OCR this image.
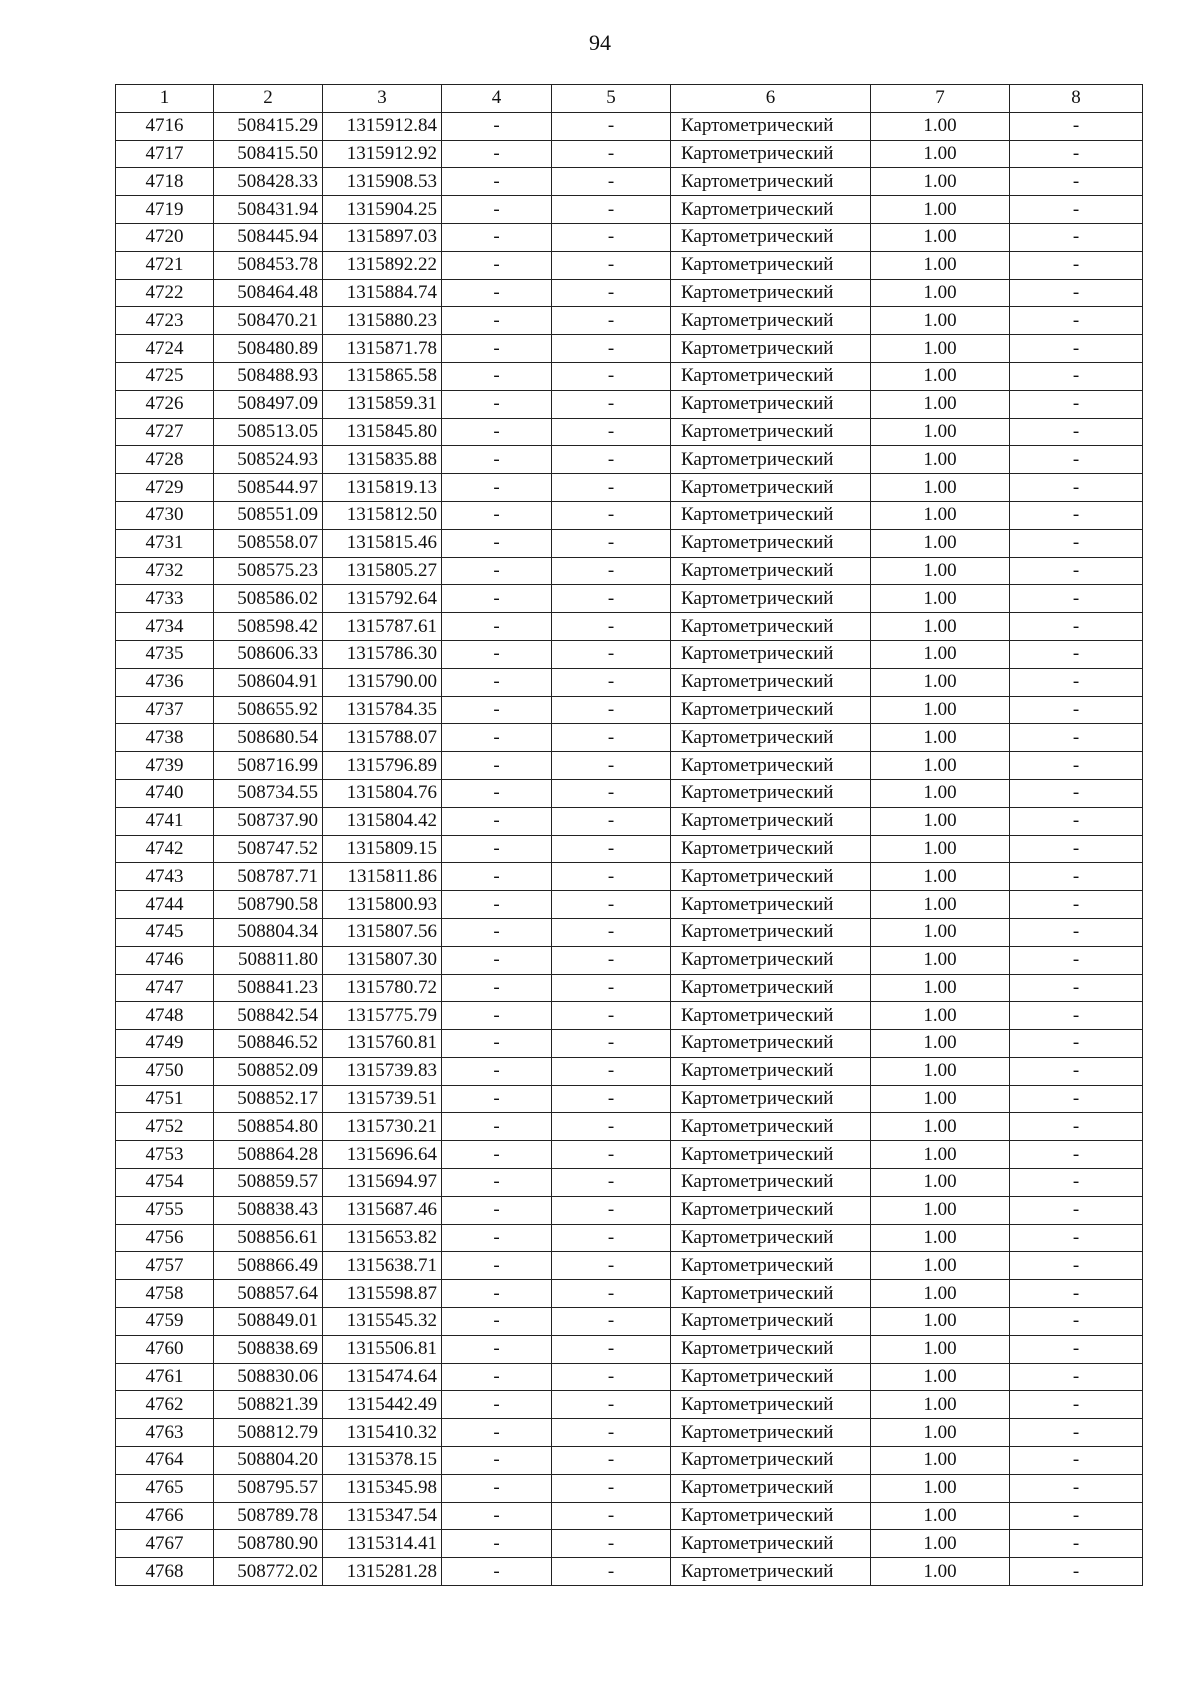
94
1	2	3	4	5	6	7	8
4716	508415.29	1315912.84	-	-	Картометрический	1.00	-
4717	508415.50	1315912.92	-	-	Картометрический	1.00	-
4718	508428.33	1315908.53	-	-	Картометрический	1.00	-
4719	508431.94	1315904.25	-	-	Картометрический	1.00	-
4720	508445.94	1315897.03	-	-	Картометрический	1.00	-
4721	508453.78	1315892.22	-	-	Картометрический	1.00	-
4722	508464.48	1315884.74	-	-	Картометрический	1.00	-
4723	508470.21	1315880.23	-	-	Картометрический	1.00	-
4724	508480.89	1315871.78	-	-	Картометрический	1.00	-
4725	508488.93	1315865.58	-	-	Картометрический	1.00	-
4726	508497.09	1315859.31	-	-	Картометрический	1.00	-
4727	508513.05	1315845.80	-	-	Картометрический	1.00	-
4728	508524.93	1315835.88	-	-	Картометрический	1.00	-
4729	508544.97	1315819.13	-	-	Картометрический	1.00	-
4730	508551.09	1315812.50	-	-	Картометрический	1.00	-
4731	508558.07	1315815.46	-	-	Картометрический	1.00	-
4732	508575.23	1315805.27	-	-	Картометрический	1.00	-
4733	508586.02	1315792.64	-	-	Картометрический	1.00	-
4734	508598.42	1315787.61	-	-	Картометрический	1.00	-
4735	508606.33	1315786.30	-	-	Картометрический	1.00	-
4736	508604.91	1315790.00	-	-	Картометрический	1.00	-
4737	508655.92	1315784.35	-	-	Картометрический	1.00	-
4738	508680.54	1315788.07	-	-	Картометрический	1.00	-
4739	508716.99	1315796.89	-	-	Картометрический	1.00	-
4740	508734.55	1315804.76	-	-	Картометрический	1.00	-
4741	508737.90	1315804.42	-	-	Картометрический	1.00	-
4742	508747.52	1315809.15	-	-	Картометрический	1.00	-
4743	508787.71	1315811.86	-	-	Картометрический	1.00	-
4744	508790.58	1315800.93	-	-	Картометрический	1.00	-
4745	508804.34	1315807.56	-	-	Картометрический	1.00	-
4746	508811.80	1315807.30	-	-	Картометрический	1.00	-
4747	508841.23	1315780.72	-	-	Картометрический	1.00	-
4748	508842.54	1315775.79	-	-	Картометрический	1.00	-
4749	508846.52	1315760.81	-	-	Картометрический	1.00	-
4750	508852.09	1315739.83	-	-	Картометрический	1.00	-
4751	508852.17	1315739.51	-	-	Картометрический	1.00	-
4752	508854.80	1315730.21	-	-	Картометрический	1.00	-
4753	508864.28	1315696.64	-	-	Картометрический	1.00	-
4754	508859.57	1315694.97	-	-	Картометрический	1.00	-
4755	508838.43	1315687.46	-	-	Картометрический	1.00	-
4756	508856.61	1315653.82	-	-	Картометрический	1.00	-
4757	508866.49	1315638.71	-	-	Картометрический	1.00	-
4758	508857.64	1315598.87	-	-	Картометрический	1.00	-
4759	508849.01	1315545.32	-	-	Картометрический	1.00	-
4760	508838.69	1315506.81	-	-	Картометрический	1.00	-
4761	508830.06	1315474.64	-	-	Картометрический	1.00	-
4762	508821.39	1315442.49	-	-	Картометрический	1.00	-
4763	508812.79	1315410.32	-	-	Картометрический	1.00	-
4764	508804.20	1315378.15	-	-	Картометрический	1.00	-
4765	508795.57	1315345.98	-	-	Картометрический	1.00	-
4766	508789.78	1315347.54	-	-	Картометрический	1.00	-
4767	508780.90	1315314.41	-	-	Картометрический	1.00	-
4768	508772.02	1315281.28	-	-	Картометрический	1.00	-
